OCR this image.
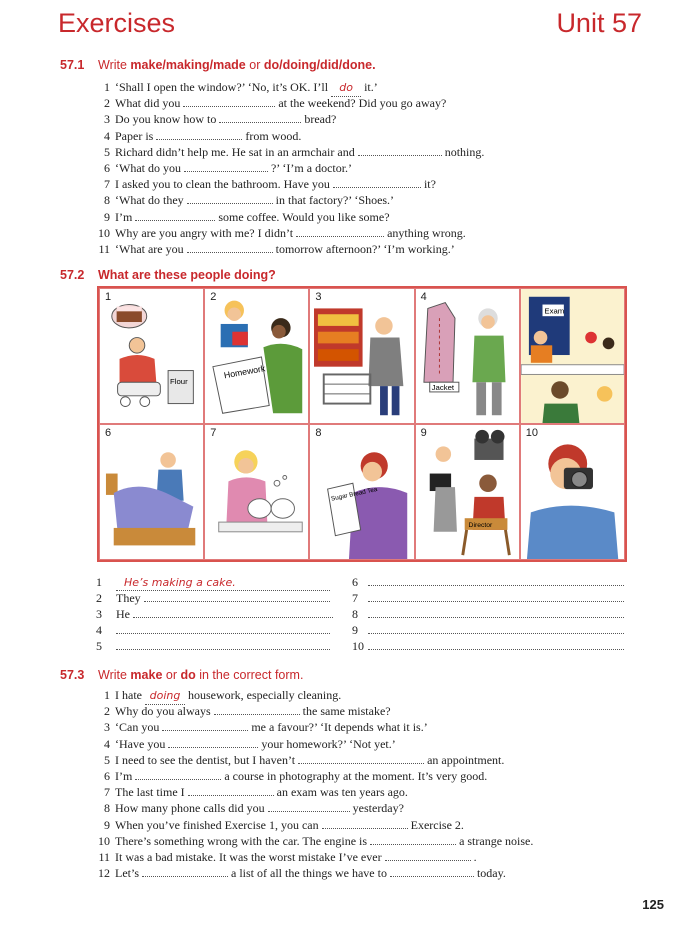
Exercises	Unit 57
57.1 Write make/making/made or do/doing/did/done.
1 ‘Shall I open the window?’ ‘No, it’s OK. I’ll do it.’
2 What did you	at the weekend? Did you go away?
3 Do you know how to	bread?
4 Paper is	from wood.
5 Richard didn’t help me. He sat in an armchair and	nothing.
6 ‘What do you	?’ ‘I’m a doctor.’
7 I asked you to clean the bathroom. Have you	it?
8 ‘What do they	in that factory?’ ‘Shoes.’
9 I’m	some coffee. Would you like some?
10 Why are you angry with me? I didn’t	anything wrong.
11 ‘What are you	tomorrow afternoon?’ ‘I’m working.’
57.2 What are these people doing?
1
Flour
2
Homework
3	4
Jacket
Exam
6	7	8
Sugar Bread Tea
9
Director
10
1 He’s making a cake.
2 They
3 He
4
5
6
7
8
9
10
57.3 Write make or do in the correct form.
1 I hate doing housework, especially cleaning.
2 Why do you always	the same mistake?
3 ‘Can you	me a favour?’ ‘It depends what it is.’
4 ‘Have you	your homework?’ ‘Not yet.’
5 I need to see the dentist, but I haven’t	an appointment.
6 I’m	a course in photography at the moment. It’s very good.
7 The last time I	an exam was ten years ago.
8 How many phone calls did you	yesterday?
9 When you’ve finished Exercise 1, you can	Exercise 2.
10 There’s something wrong with the car. The engine is	a strange noise.
11 It was a bad mistake. It was the worst mistake I’ve ever	.
12 Let’s	a list of all the things we have to	today.
125
